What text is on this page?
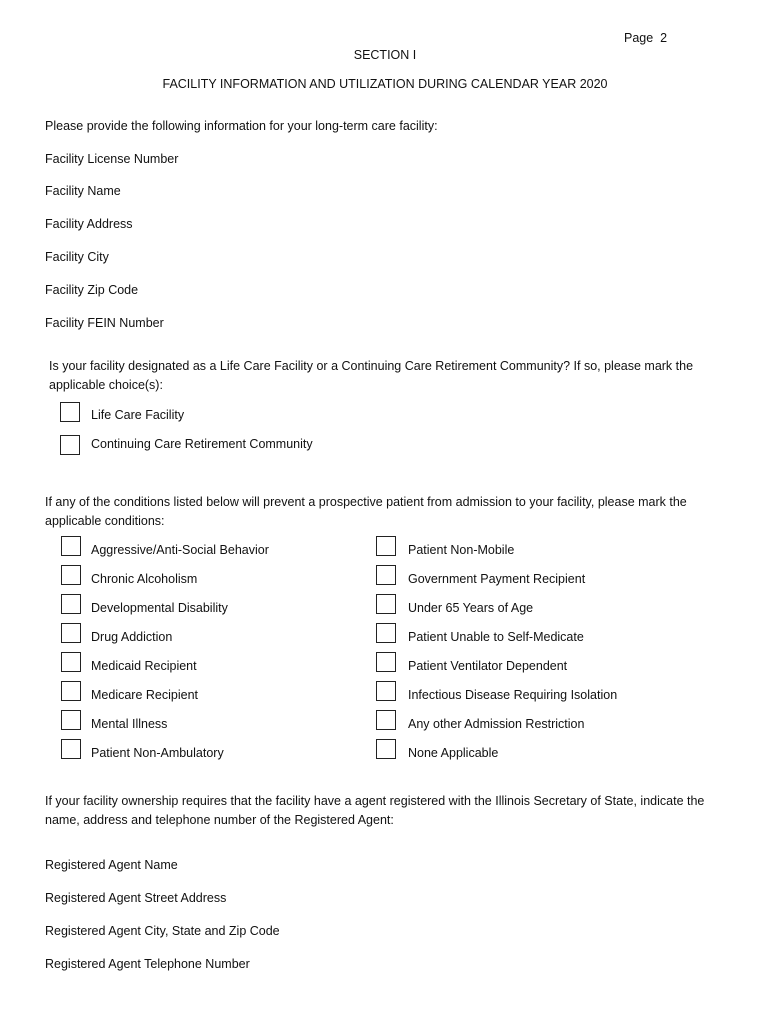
Page 2
SECTION I
FACILITY INFORMATION AND UTILIZATION DURING CALENDAR YEAR 2020
Please provide the following information for your long-term care facility:
Facility License Number
Facility Name
Facility Address
Facility City
Facility Zip Code
Facility FEIN Number
Is your facility designated as a Life Care Facility or a Continuing Care Retirement Community? If so, please mark the applicable choice(s):
Life Care Facility
Continuing Care Retirement Community
If any of the conditions listed below will prevent a prospective patient from admission to your facility, please mark the applicable conditions:
Aggressive/Anti-Social Behavior
Chronic Alcoholism
Developmental Disability
Drug Addiction
Medicaid Recipient
Medicare Recipient
Mental Illness
Patient Non-Ambulatory
Patient Non-Mobile
Government Payment Recipient
Under 65 Years of Age
Patient Unable to Self-Medicate
Patient Ventilator Dependent
Infectious Disease Requiring Isolation
Any other Admission Restriction
None Applicable
If your facility ownership requires that the facility have a agent registered with the Illinois Secretary of State, indicate the name, address and telephone number of the Registered Agent:
Registered Agent Name
Registered Agent Street Address
Registered Agent City, State and Zip Code
Registered Agent Telephone Number
